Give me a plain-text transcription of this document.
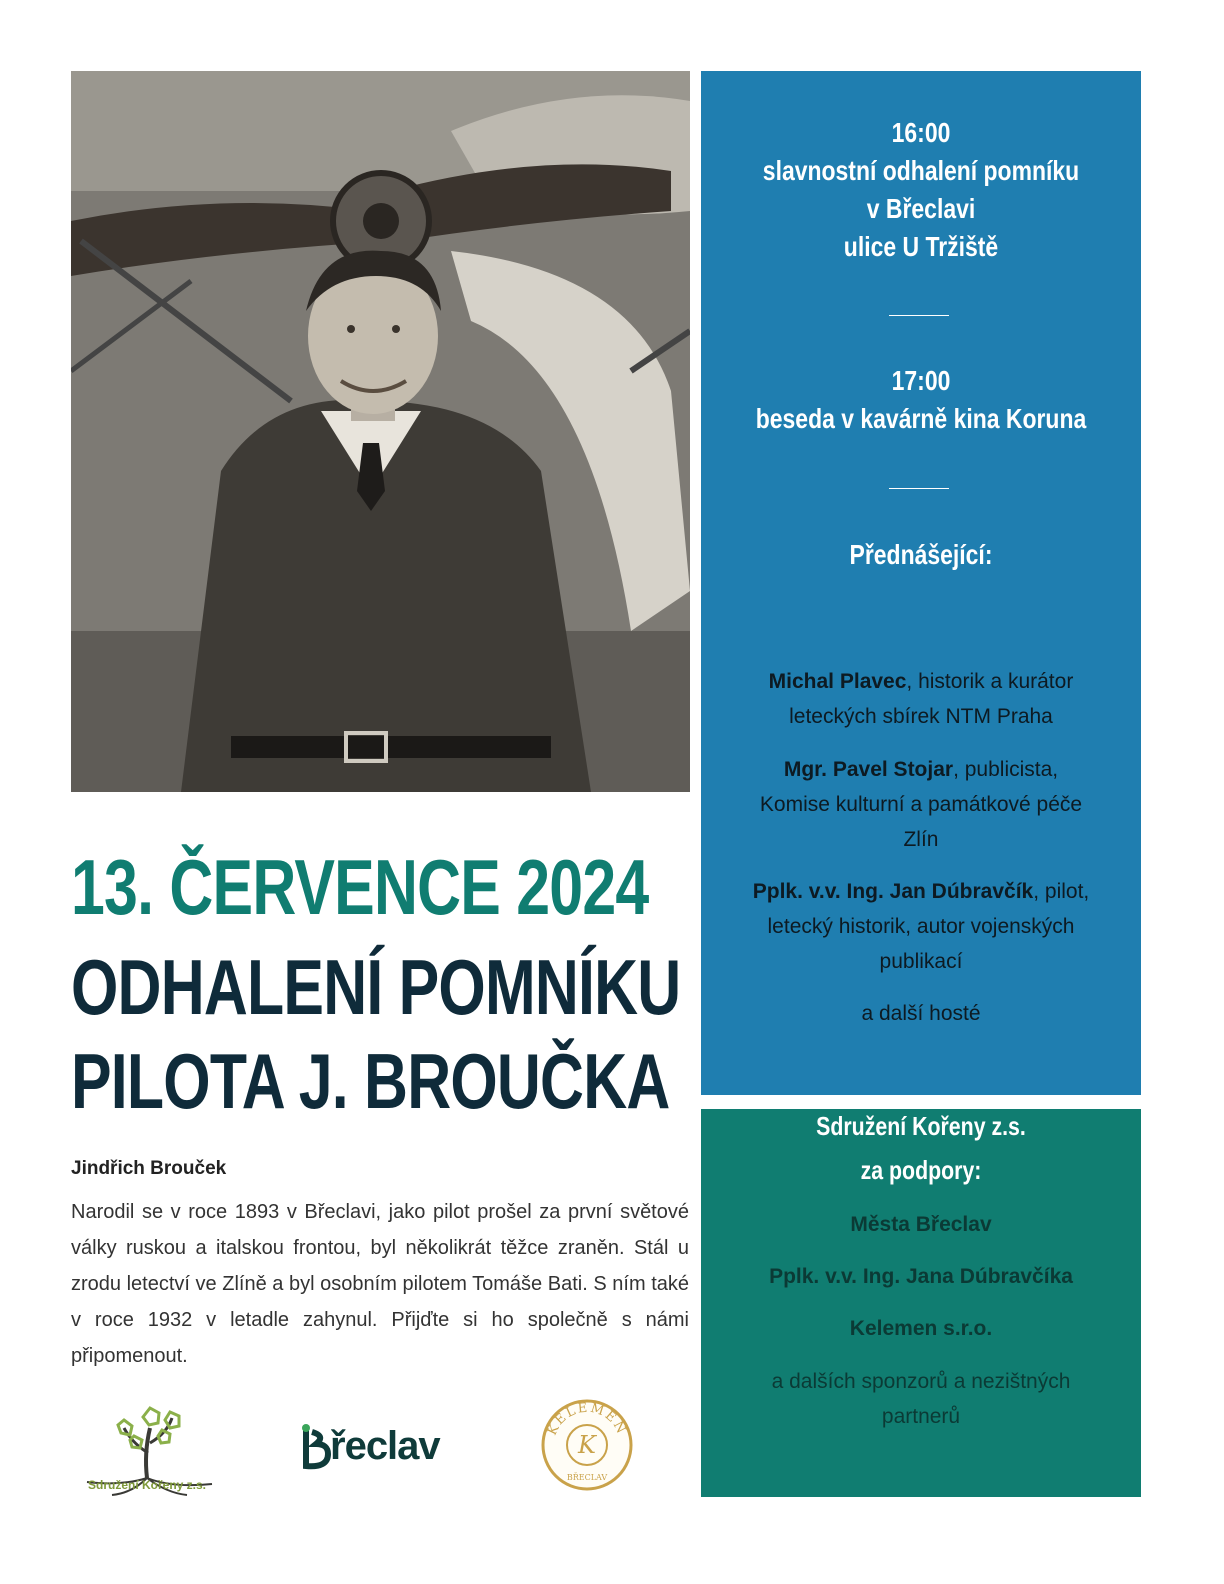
13. ČERVENCE 2024
ODHALENÍ POMNÍKU
PILOTA J. BROUČKA
Jindřich Brouček

Narodil se v roce 1893 v Břeclavi, jako pilot prošel za první světové války ruskou a italskou frontou, byl několikrát těžce zraněn. Stál u zrodu letectví ve Zlíně a byl osobním pilotem Tomáše Bati. S ním také v roce 1932 v letadle zahynul. Přijďte si ho společně s námi připomenout.

Sdružení Kořeny z.s.
řeclav	KELEMEN
K
BŘECLAV
16:00
slavnostní odhalení pomníku
v Břeclavi
ulice U Tržiště
17:00
beseda v kavárně kina Koruna
Přednášející:
Michal Plavec, historik a kurátor
leteckých sbírek NTM Praha
Mgr. Pavel Stojar, publicista,
Komise kulturní a památkové péče
Zlín
Pplk. v.v. Ing. Jan Dúbravčík, pilot,
letecký historik, autor vojenských
publikací
a další hosté
Sdružení Kořeny z.s.
za podpory:
Města Břeclav
Pplk. v.v. Ing. Jana Dúbravčíka
Kelemen s.r.o.
a dalších sponzorů a nezištných
partnerů
